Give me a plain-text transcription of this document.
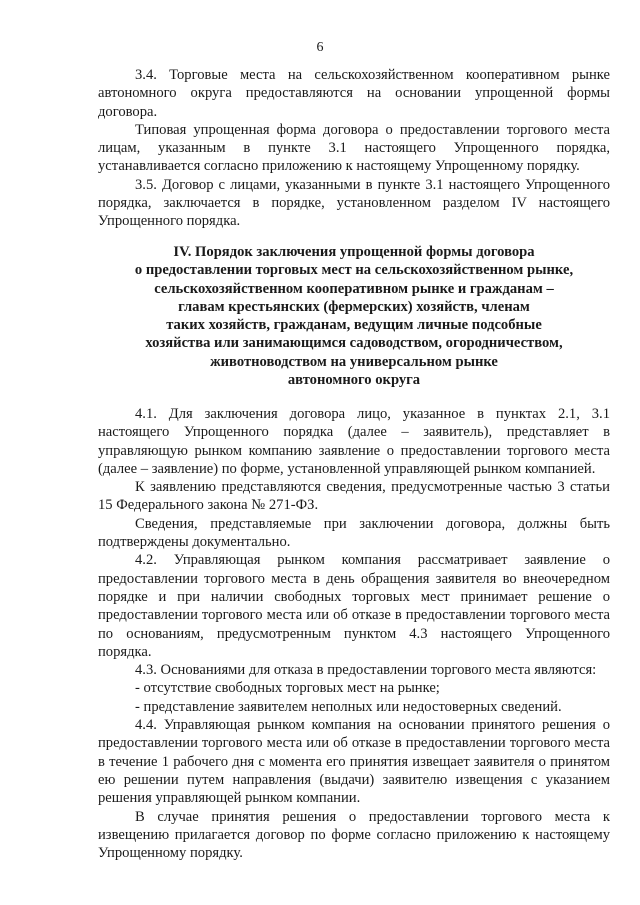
6

3.4. Торговые места на сельскохозяйственном кооперативном рынке автономного округа предоставляются на основании упрощенной формы договора.

Типовая упрощенная форма договора о предоставлении торгового места лицам, указанным в пункте 3.1 настоящего Упрощенного порядка, устанавливается согласно приложению к настоящему Упрощенному порядку.

3.5. Договор с лицами, указанными в пункте 3.1 настоящего Упрощенного порядка, заключается в порядке, установленном разделом IV настоящего Упрощенного порядка.

IV. Порядок заключения упрощенной формы договора
о предоставлении торговых мест на сельскохозяйственном рынке,
сельскохозяйственном кооперативном рынке и гражданам –
главам крестьянских (фермерских) хозяйств, членам
таких хозяйств, гражданам, ведущим личные подсобные
хозяйства или занимающимся садоводством, огородничеством,
животноводством на универсальном рынке
автономного округа

4.1. Для заключения договора лицо, указанное в пунктах 2.1, 3.1 настоящего Упрощенного порядка (далее – заявитель), представляет в управляющую рынком компанию заявление о предоставлении торгового места (далее – заявление) по форме, установленной управляющей рынком компанией.

К заявлению представляются сведения, предусмотренные частью 3 статьи 15 Федерального закона № 271-ФЗ.

Сведения, представляемые при заключении договора, должны быть подтверждены документально.

4.2. Управляющая рынком компания рассматривает заявление о предоставлении торгового места в день обращения заявителя во внеочередном порядке и при наличии свободных торговых мест принимает решение о предоставлении торгового места или об отказе в предоставлении торгового места по основаниям, предусмотренным пунктом 4.3 настоящего Упрощенного порядка.

4.3. Основаниями для отказа в предоставлении торгового места являются:

- отсутствие свободных торговых мест на рынке;

- представление заявителем неполных или недостоверных сведений.

4.4. Управляющая рынком компания на основании принятого решения о предоставлении торгового места или об отказе в предоставлении торгового места в течение 1 рабочего дня с момента его принятия извещает заявителя о принятом ею решении путем направления (выдачи) заявителю извещения с указанием решения управляющей рынком компании.

В случае принятия решения о предоставлении торгового места к извещению прилагается договор по форме согласно приложению к настоящему Упрощенному порядку.
